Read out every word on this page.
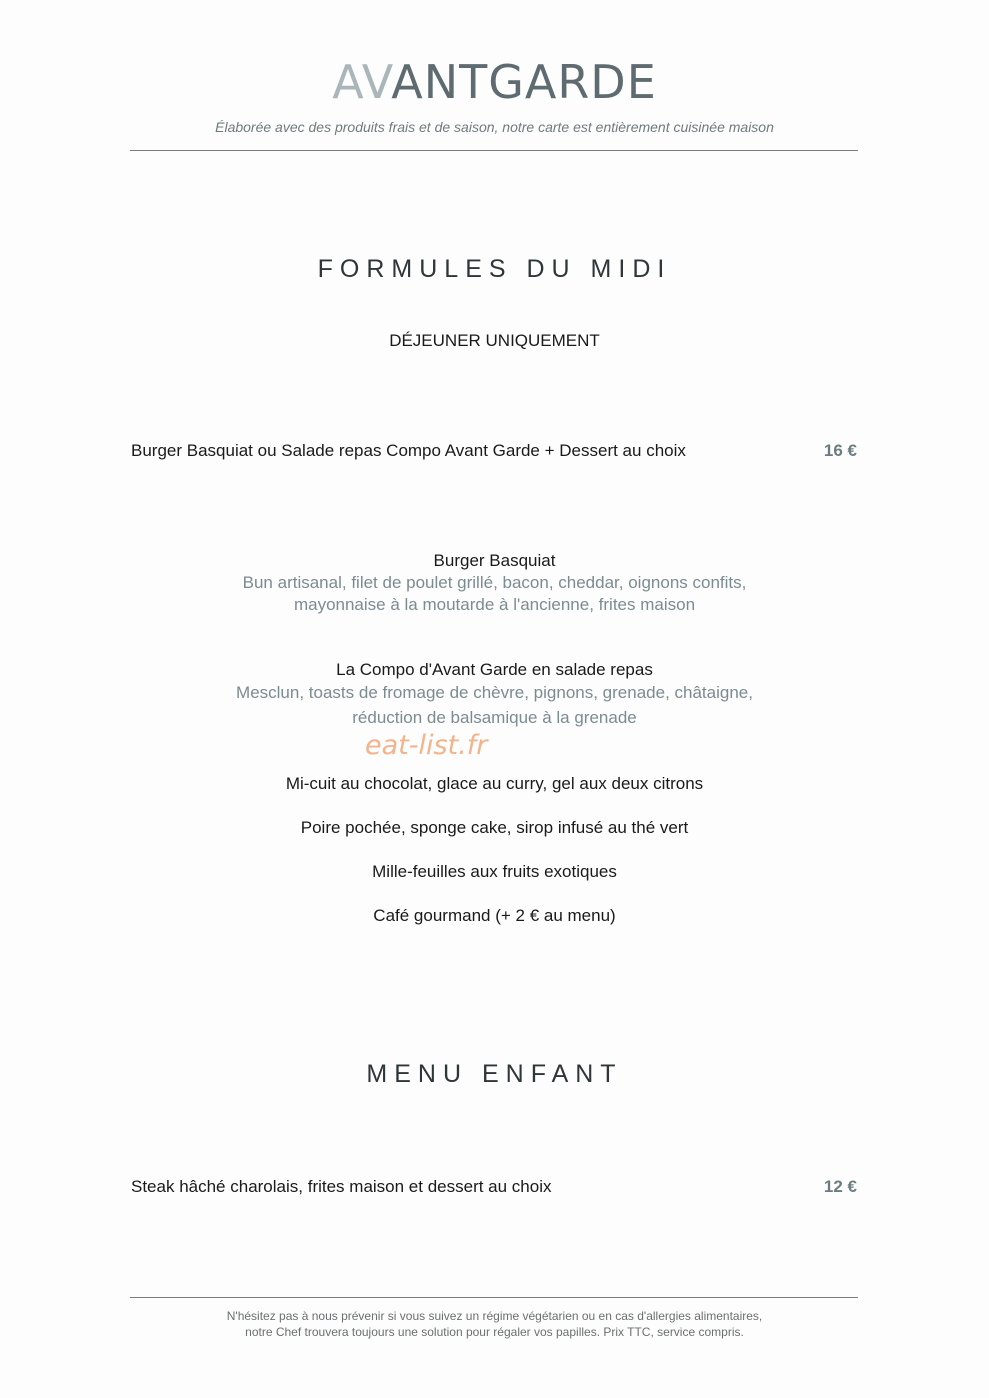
AVANTGARDE
Élaborée avec des produits frais et de saison, notre carte est entièrement cuisinée maison
FORMULES DU MIDI
DÉJEUNER UNIQUEMENT
Burger Basquiat ou Salade repas Compo Avant Garde + Dessert au choix	16 €
Burger Basquiat
Bun artisanal, filet de poulet grillé, bacon, cheddar, oignons confits,
mayonnaise à la moutarde à l'ancienne, frites maison
La Compo d'Avant Garde en salade repas
Mesclun, toasts de fromage de chèvre, pignons, grenade, châtaigne,
réduction de balsamique à la grenade
eat-list.fr
Mi-cuit au chocolat, glace au curry, gel aux deux citrons
Poire pochée, sponge cake, sirop infusé au thé vert
Mille-feuilles aux fruits exotiques
Café gourmand (+ 2 € au menu)
MENU ENFANT
Steak hâché charolais, frites maison et dessert au choix	12 €
N'hésitez pas à nous prévenir si vous suivez un régime végétarien ou en cas d'allergies alimentaires,
notre Chef trouvera toujours une solution pour régaler vos papilles. Prix TTC, service compris.
